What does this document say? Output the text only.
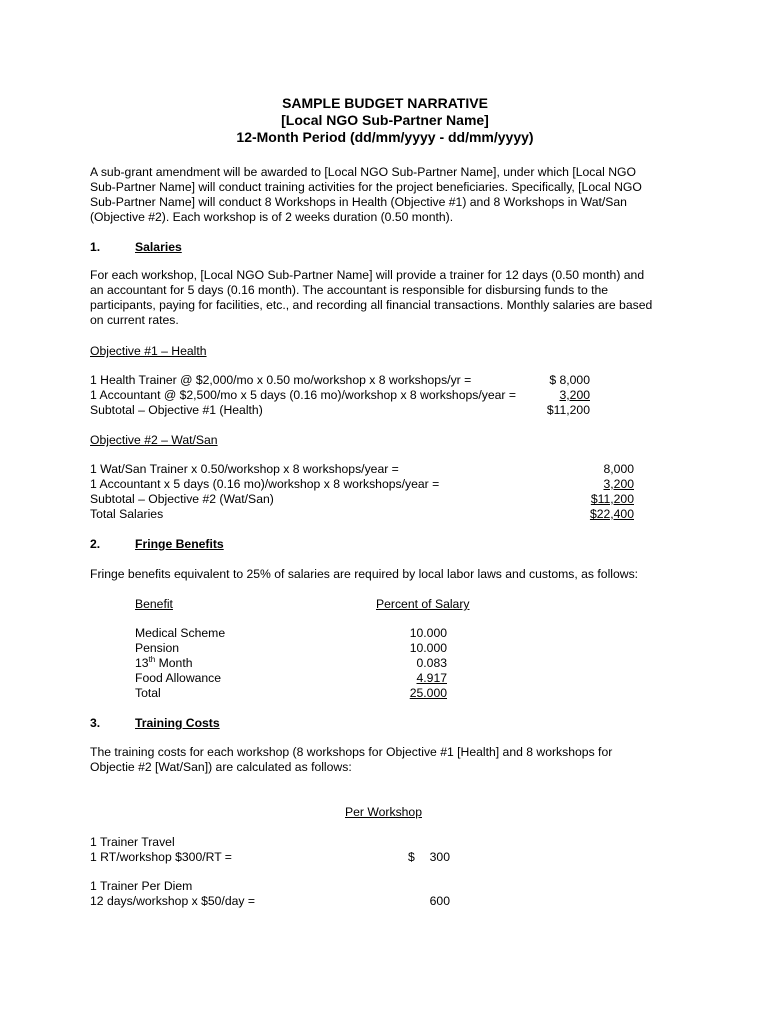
SAMPLE BUDGET NARRATIVE
[Local NGO Sub-Partner Name]
12-Month Period (dd/mm/yyyy - dd/mm/yyyy)
A sub-grant amendment will be awarded to [Local NGO Sub-Partner Name], under which [Local NGO
Sub-Partner Name] will conduct training activities for the project beneficiaries. Specifically, [Local NGO
Sub-Partner Name] will conduct 8 Workshops in Health (Objective #1) and 8 Workshops in Wat/San
(Objective #2). Each workshop is of 2 weeks duration (0.50 month).
1.	Salaries
For each workshop, [Local NGO Sub-Partner Name] will provide a trainer for 12 days (0.50 month) and
an accountant for 5 days (0.16 month). The accountant is responsible for disbursing funds to the
participants, paying for facilities, etc., and recording all financial transactions. Monthly salaries are based
on current rates.
Objective #1 – Health
1 Health Trainer @ $2,000/mo x 0.50 mo/workshop x 8 workshops/yr =	$ 8,000
1 Accountant @ $2,500/mo x 5 days (0.16 mo)/workshop x 8 workshops/year =	3,200
Subtotal – Objective #1 (Health)	$11,200
Objective #2 – Wat/San
1 Wat/San Trainer x 0.50/workshop x 8 workshops/year =	8,000
1 Accountant x 5 days (0.16 mo)/workshop x 8 workshops/year =	3,200
Subtotal – Objective #2 (Wat/San)	$11,200
Total Salaries	$22,400
2.	Fringe Benefits
Fringe benefits equivalent to 25% of salaries are required by local labor laws and customs, as follows:
Benefit	Percent of Salary
Medical Scheme	10.000
Pension	10.000
13th Month	0.083
Food Allowance	4.917
Total	25.000
3.	Training Costs
The training costs for each workshop (8 workshops for Objective #1 [Health] and 8 workshops for
Objectie #2 [Wat/San]) are calculated as follows:
Per Workshop
1 Trainer Travel
1 RT/workshop $300/RT =	$	300
1 Trainer Per Diem
12 days/workshop x $50/day =	600
